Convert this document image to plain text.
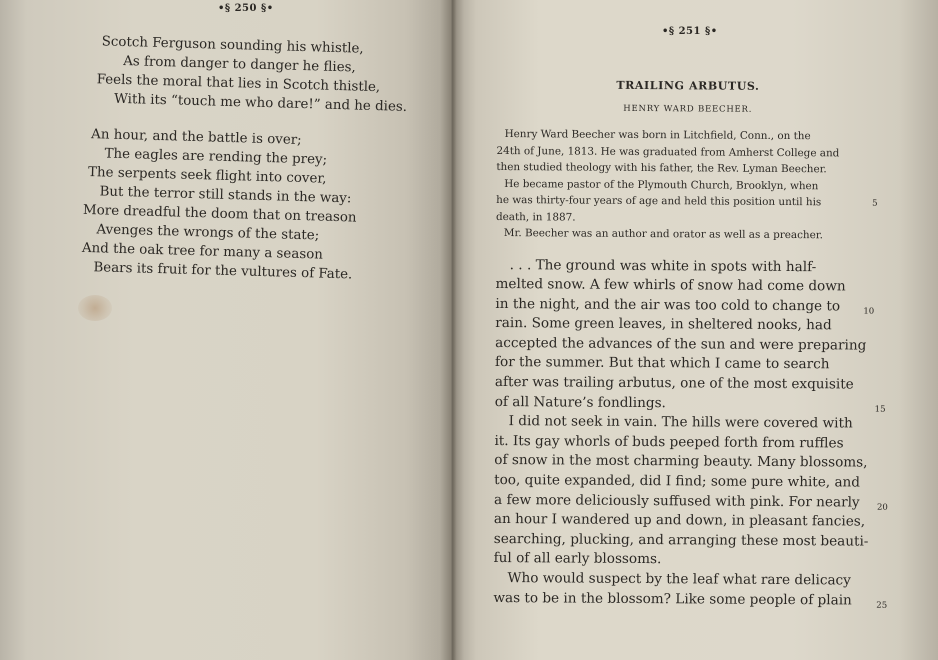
•§ 250 §•
Scotch Ferguson sounding his whistle,
As from danger to danger he flies,
Feels the moral that lies in Scotch thistle,
With its “touch me who dare!” and he dies.
An hour, and the battle is over;
The eagles are rending the prey;
The serpents seek flight into cover,
But the terror still stands in the way:
More dreadful the doom that on treason
Avenges the wrongs of the state;
And the oak tree for many a season
Bears its fruit for the vultures of Fate.
•§ 251 §•
TRAILING ARBUTUS.
HENRY WARD BEECHER.
Henry Ward Beecher was born in Litchfield, Conn., on the
24th of June, 1813. He was graduated from Amherst College and
then studied theology with his father, the Rev. Lyman Beecher.
He became pastor of the Plymouth Church, Brooklyn, when
he was thirty-four years of age and held this position until his
death, in 1887.
Mr. Beecher was an author and orator as well as a preacher.
5
. . . The ground was white in spots with half-
melted snow. A few whirls of snow had come down
in the night, and the air was too cold to change to
rain. Some green leaves, in sheltered nooks, had
accepted the advances of the sun and were preparing
for the summer. But that which I came to search
after was trailing arbutus, one of the most exquisite
of all Nature’s fondlings.
I did not seek in vain. The hills were covered with
it. Its gay whorls of buds peeped forth from ruffles
of snow in the most charming beauty. Many blossoms,
too, quite expanded, did I find; some pure white, and
a few more deliciously suffused with pink. For nearly
an hour I wandered up and down, in pleasant fancies,
searching, plucking, and arranging these most beauti-
ful of all early blossoms.
Who would suspect by the leaf what rare delicacy
was to be in the blossom? Like some people of plain
10
15
20
25
